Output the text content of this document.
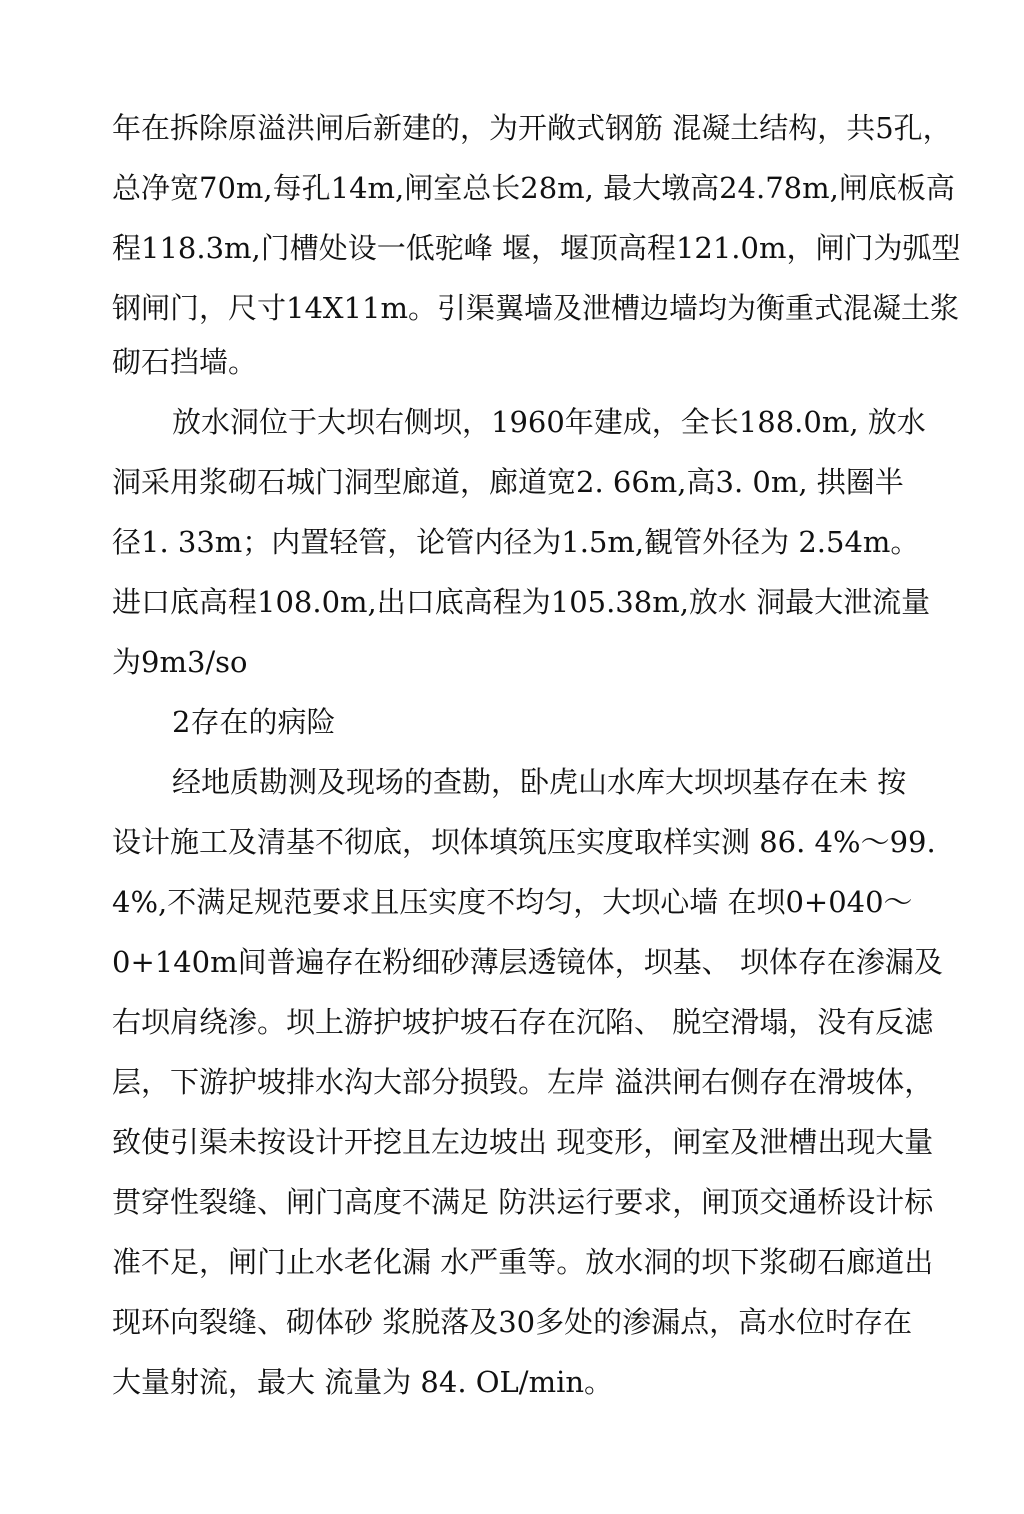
年在拆除原溢洪闸后新建的，为开敞式钢筋 混凝土结构，共5孔，
总净宽70m,每孔14m,闸室总长28m, 最大墩高24.78m,闸底板高
程118.3m,门槽处设一低驼峰 堰，堰顶高程121.0m，闸门为弧型
钢闸门，尺寸14X11m。引渠翼墙及泄槽边墙均为衡重式混凝土浆
砌石挡墙。
放水洞位于大坝右侧坝，1960年建成，全长188.0m, 放水
洞采用浆砌石城门洞型廊道，廊道宽2. 66m,高3. 0m, 拱圈半
径1. 33m；内置轻管，论管内径为1.5m,観管外径为 2.54m。
进口底高程108.0m,出口底高程为105.38m,放水 洞最大泄流量
为9m3/so
2存在的病险
经地质勘测及现场的查勘，卧虎山水库大坝坝基存在未 按
设计施工及清基不彻底，坝体填筑压实度取样实测 86. 4%～99.
4%,不满足规范要求且压实度不均匀，大坝心墙 在坝0+040～
0+140m间普遍存在粉细砂薄层透镜体，坝基、 坝体存在渗漏及
右坝肩绕渗。坝上游护坡护坡石存在沉陷、 脱空滑塌，没有反滤
层，下游护坡排水沟大部分损毁。左岸 溢洪闸右侧存在滑坡体，
致使引渠未按设计开挖且左边坡出 现变形，闸室及泄槽出现大量
贯穿性裂缝、闸门高度不满足 防洪运行要求，闸顶交通桥设计标
准不足，闸门止水老化漏 水严重等。放水洞的坝下浆砌石廊道出
现环向裂缝、砌体砂 浆脱落及30多处的渗漏点，高水位时存在
大量射流，最大 流量为 84. OL/min。
